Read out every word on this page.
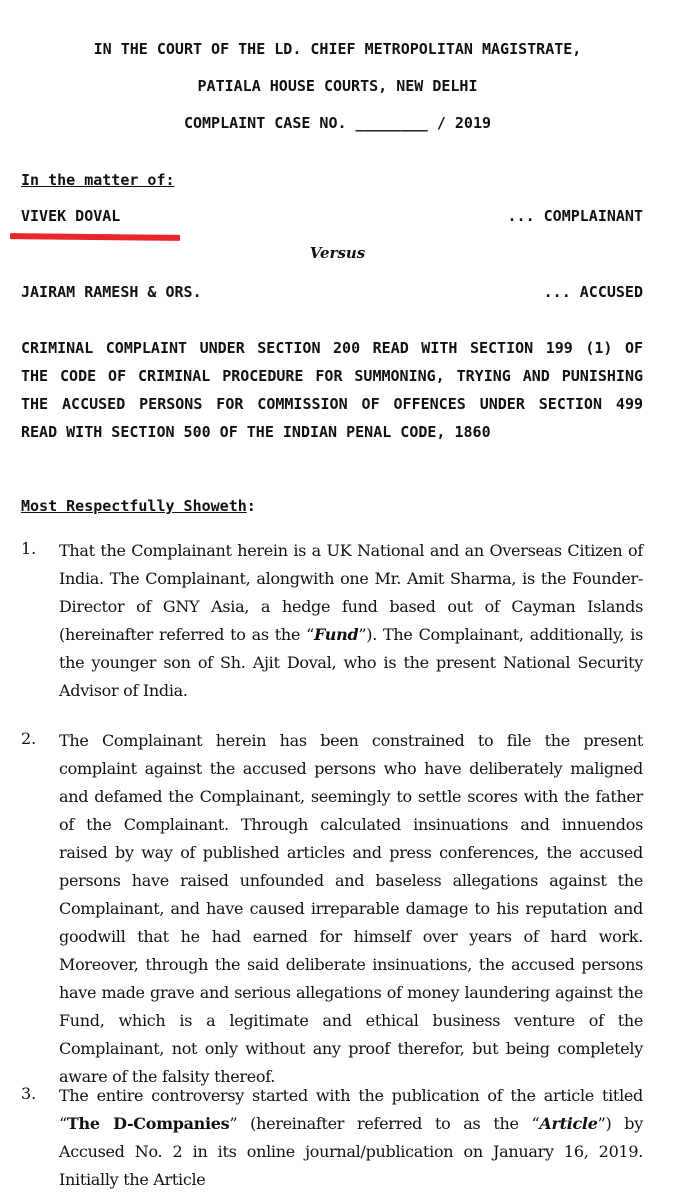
IN THE COURT OF THE LD. CHIEF METROPOLITAN MAGISTRATE,
PATIALA HOUSE COURTS, NEW DELHI
COMPLAINT CASE NO. ________ / 2019
In the matter of:
VIVEK DOVAL	... COMPLAINANT
Versus
JAIRAM RAMESH & ORS.	... ACCUSED
CRIMINAL COMPLAINT UNDER SECTION 200 READ WITH SECTION 199 (1) OF THE CODE OF CRIMINAL PROCEDURE FOR SUMMONING, TRYING AND PUNISHING THE ACCUSED PERSONS FOR COMMISSION OF OFFENCES UNDER SECTION 499 READ WITH SECTION 500 OF THE INDIAN PENAL CODE, 1860
Most Respectfully Showeth:
1. That the Complainant herein is a UK National and an Overseas Citizen of India. The Complainant, alongwith one Mr. Amit Sharma, is the Founder-Director of GNY Asia, a hedge fund based out of Cayman Islands (hereinafter referred to as the “Fund”). The Complainant, additionally, is the younger son of Sh. Ajit Doval, who is the present National Security Advisor of India.
2. The Complainant herein has been constrained to file the present complaint against the accused persons who have deliberately maligned and defamed the Complainant, seemingly to settle scores with the father of the Complainant. Through calculated insinuations and innuendos raised by way of published articles and press conferences, the accused persons have raised unfounded and baseless allegations against the Complainant, and have caused irreparable damage to his reputation and goodwill that he had earned for himself over years of hard work. Moreover, through the said deliberate insinuations, the accused persons have made grave and serious allegations of money laundering against the Fund, which is a legitimate and ethical business venture of the Complainant, not only without any proof therefor, but being completely aware of the falsity thereof.
3. The entire controversy started with the publication of the article titled “The D-Companies” (hereinafter referred to as the “Article”) by Accused No. 2 in its online journal/publication on January 16, 2019. Initially the Article
